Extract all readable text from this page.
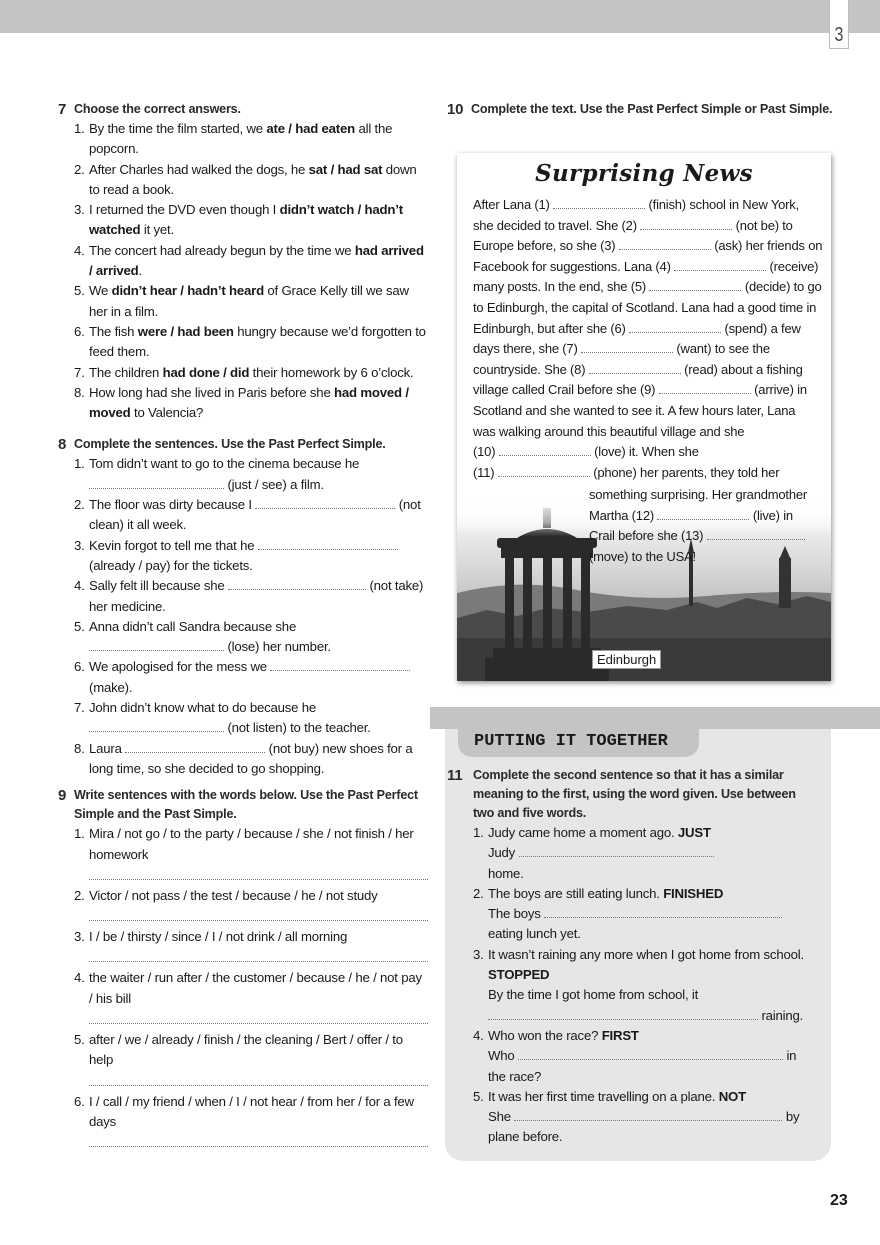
3
7 Choose the correct answers.
1. By the time the film started, we ate / had eaten all the popcorn.
2. After Charles had walked the dogs, he sat / had sat down to read a book.
3. I returned the DVD even though I didn’t watch / hadn’t watched it yet.
4. The concert had already begun by the time we had arrived / arrived.
5. We didn’t hear / hadn’t heard of Grace Kelly till we saw her in a film.
6. The fish were / had been hungry because we’d forgotten to feed them.
7. The children had done / did their homework by 6 o’clock.
8. How long had she lived in Paris before she had moved / moved to Valencia?
8 Complete the sentences. Use the Past Perfect Simple.
1. Tom didn’t want to go to the cinema because he
(just / see) a film.
2. The floor was dirty because I	(not clean) it all week.
3. Kevin forgot to tell me that he  (already / pay) for the tickets.
4. Sally felt ill because she	(not take) her medicine.
5. Anna didn’t call Sandra because she
(lose) her number.
6. We apologised for the mess we  (make).
7. John didn’t know what to do because he
(not listen) to the teacher.
8. Laura	(not buy) new shoes for a long time, so she decided to go shopping.
9 Write sentences with the words below. Use the Past Perfect Simple and the Past Simple.
1. Mira / not go / to the party / because / she / not finish / her homework
2. Victor / not pass / the test / because / he / not study
3. I / be / thirsty / since / I / not drink / all morning
4. the waiter / run after / the customer / because / he / not pay / his bill
5. after / we / already / finish / the cleaning / Bert / offer / to help
6. I / call / my friend / when / I / not hear / from her / for a few days
10 Complete the text. Use the Past Perfect Simple or Past Simple.
Surprising News
After Lana (1)	(finish) school in New York,
she decided to travel. She (2)	(not be) to
Europe before, so she (3)	(ask) her friends on
Facebook for suggestions. Lana (4)	(receive)
many posts. In the end, she (5)	(decide) to go
to Edinburgh, the capital of Scotland. Lana had a good time in
Edinburgh, but after she (6)	(spend) a few
days there, she (7)	(want) to see the
countryside. She (8)	(read) about a fishing
village called Crail before she (9)	(arrive) in
Scotland and she wanted to see it. A few hours later, Lana
was walking around this beautiful village and she
(10)	(love) it. When she
(11)	(phone) her parents, they told her
something surprising. Her grandmother
Martha (12)	(live) in
Crail before she (13)
(move) to the USA!
Edinburgh
PUTTING IT TOGETHER
11 Complete the second sentence so that it has a similar meaning to the first, using the word given. Use between two and five words.
1. Judy came home a moment ago. JUST
Judy
home.
2. The boys are still eating lunch. FINISHED
The boys
eating lunch yet.
3. It wasn’t raining any more when I got home from school.
STOPPED
By the time I got home from school, it
raining.
4. Who won the race? FIRST
Who	in
the race?
5. It was her first time travelling on a plane. NOT
She	by
plane before.
23
